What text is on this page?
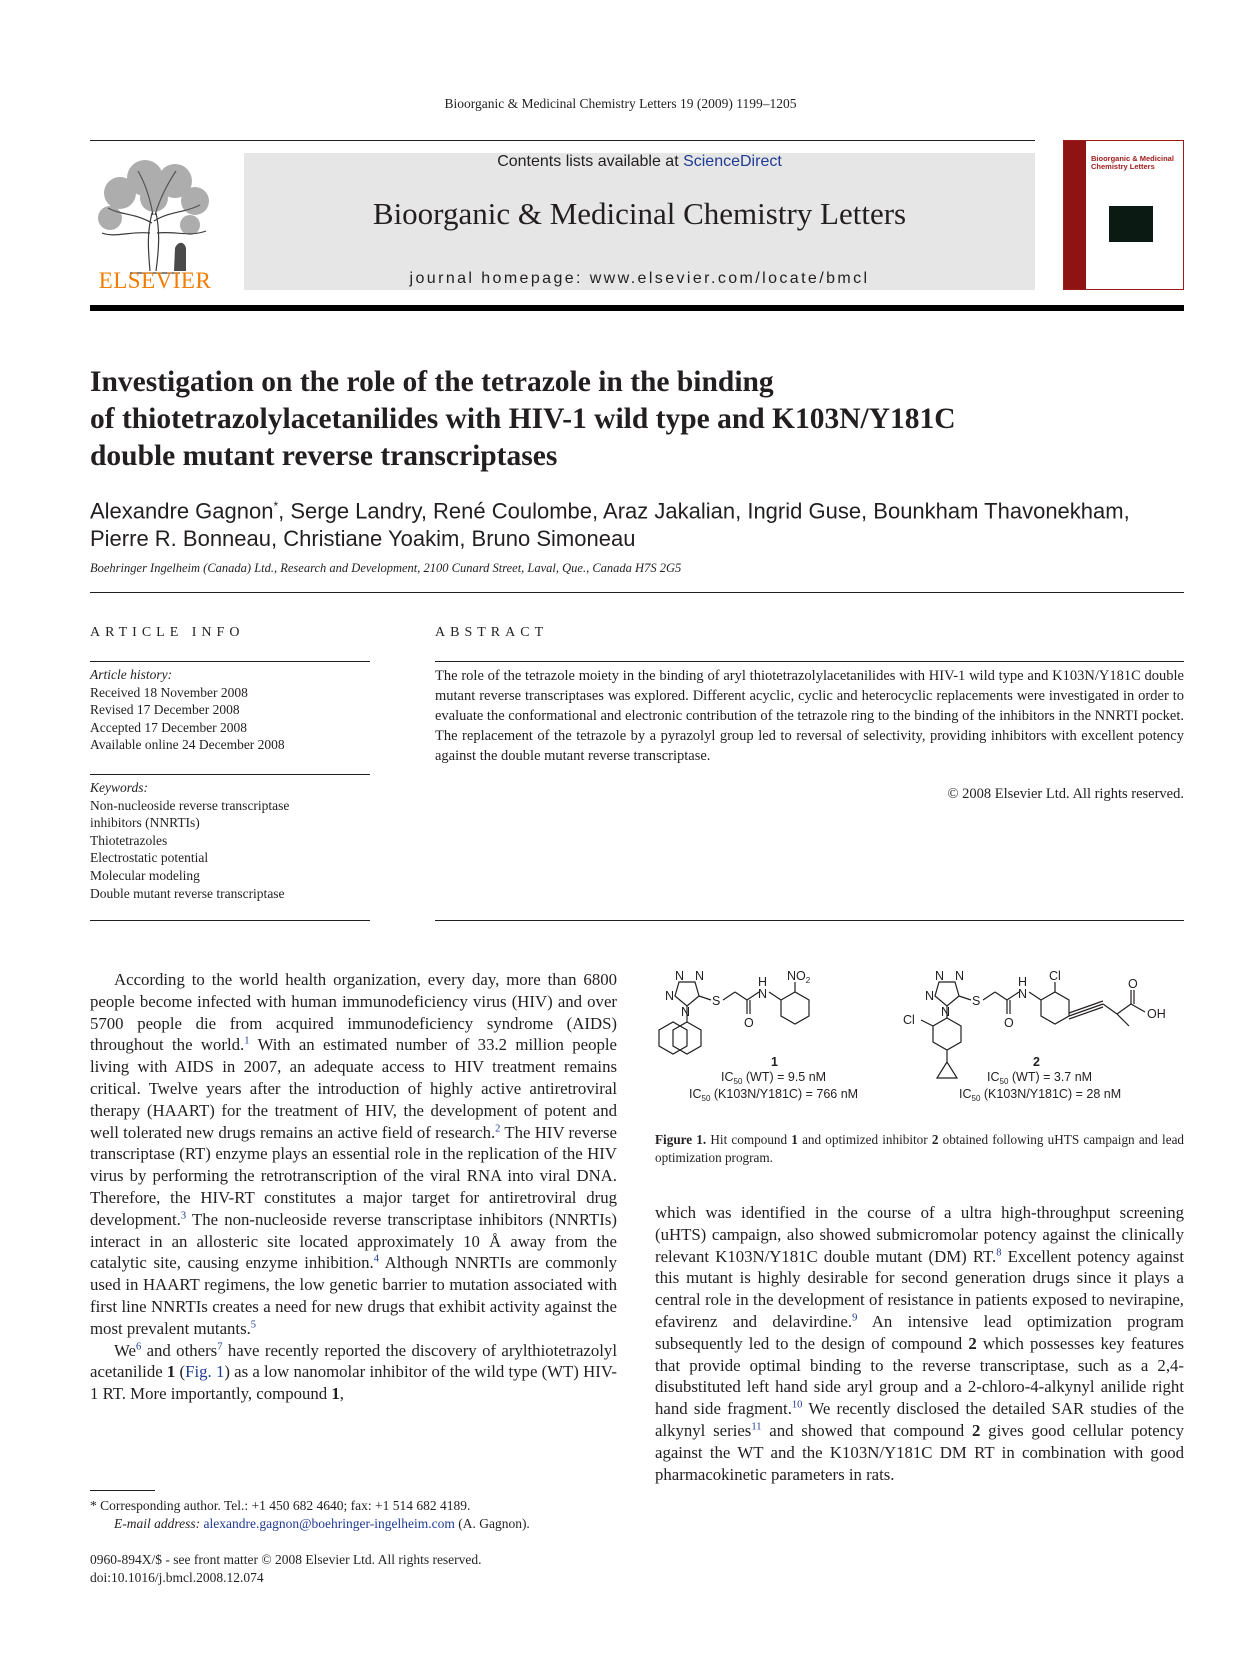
Bioorganic & Medicinal Chemistry Letters 19 (2009) 1199–1205
ELSEVIER
Contents lists available at ScienceDirect
Bioorganic & Medicinal Chemistry Letters
journal homepage: www.elsevier.com/locate/bmcl
Bioorganic & Medicinal Chemistry Letters
Investigation on the role of the tetrazole in the binding
of thiotetrazolylacetanilides with HIV-1 wild type and K103N/Y181C
double mutant reverse transcriptases
Alexandre Gagnon*, Serge Landry, René Coulombe, Araz Jakalian, Ingrid Guse, Bounkham Thavonekham,
Pierre R. Bonneau, Christiane Yoakim, Bruno Simoneau
Boehringer Ingelheim (Canada) Ltd., Research and Development, 2100 Cunard Street, Laval, Que., Canada H7S 2G5
ARTICLE INFO
Article history:
Received 18 November 2008
Revised 17 December 2008
Accepted 17 December 2008
Available online 24 December 2008
Keywords:
Non-nucleoside reverse transcriptase
inhibitors (NNRTIs)
Thiotetrazoles
Electrostatic potential
Molecular modeling
Double mutant reverse transcriptase
ABSTRACT
The role of the tetrazole moiety in the binding of aryl thiotetrazolylacetanilides with HIV-1 wild type and K103N/Y181C double mutant reverse transcriptases was explored. Different acyclic, cyclic and heterocyclic replacements were investigated in order to evaluate the conformational and electronic contribution of the tetrazole ring to the binding of the inhibitors in the NNRTI pocket. The replacement of the tetrazole by a pyrazolyl group led to reversal of selectivity, providing inhibitors with excellent potency against the double mutant reverse transcriptase.
© 2008 Elsevier Ltd. All rights reserved.

According to the world health organization, every day, more than 6800 people become infected with human immunodeficiency virus (HIV) and over 5700 people die from acquired immunodeficiency syndrome (AIDS) throughout the world.$^1$ With an estimated number of 33.2 million people living with AIDS in 2007, an adequate access to HIV treatment remains critical. Twelve years after the introduction of highly active antiretroviral therapy (HAART) for the treatment of HIV, the development of potent and well tolerated new drugs remains an active field of research.$^2$ The HIV reverse transcriptase (RT) enzyme plays an essential role in the replication of the HIV virus by performing the retrotranscription of the viral RNA into viral DNA. Therefore, the HIV-RT constitutes a major target for antiretroviral drug development.$^3$ The non-nucleoside reverse transcriptase inhibitors (NNRTIs) interact in an allosteric site located approximately 10 Å away from the catalytic site, causing enzyme inhibition.$^4$ Although NNRTIs are commonly used in HAART regimens, the low genetic barrier to mutation associated with first line NNRTIs creates a need for new drugs that exhibit activity against the most prevalent mutants.$^5$

We$^6$ and others$^7$ have recently reported the discovery of arylthiotetrazolyl acetanilide 1 (Fig. 1) as a low nanomolar inhibitor of the wild type (WT) HIV-1 RT. More importantly, compound 1,

N N
N
N
S
O
H
N
$NO_2$	N N
N
N
S
O
H
N
Cl
Cl
O
OH
1
$IC_{50}$ (WT) = 9.5 nM
$IC_{50}$ (K103N/Y181C) = 766 nM
2
$IC_{50}$ (WT) = 3.7 nM
$IC_{50}$ (K103N/Y181C) = 28 nM
Figure 1. Hit compound 1 and optimized inhibitor 2 obtained following uHTS campaign and lead optimization program.

which was identified in the course of a ultra high-throughput screening (uHTS) campaign, also showed submicromolar potency against the clinically relevant K103N/Y181C double mutant (DM) RT.$^8$ Excellent potency against this mutant is highly desirable for second generation drugs since it plays a central role in the development of resistance in patients exposed to nevirapine, efavirenz and delavirdine.$^9$ An intensive lead optimization program subsequently led to the design of compound 2 which possesses key features that provide optimal binding to the reverse transcriptase, such as a 2,4-disubstituted left hand side aryl group and a 2-chloro-4-alkynyl anilide right hand side fragment.$^{10}$ We recently disclosed the detailed SAR studies of the alkynyl series$^{11}$ and showed that compound 2 gives good cellular potency against the WT and the K103N/Y181C DM RT in combination with good pharmacokinetic parameters in rats.

* Corresponding author. Tel.: +1 450 682 4640; fax: +1 514 682 4189.
E-mail address: alexandre.gagnon@boehringer-ingelheim.com (A. Gagnon).
0960-894X/$ - see front matter © 2008 Elsevier Ltd. All rights reserved.
doi:10.1016/j.bmcl.2008.12.074
